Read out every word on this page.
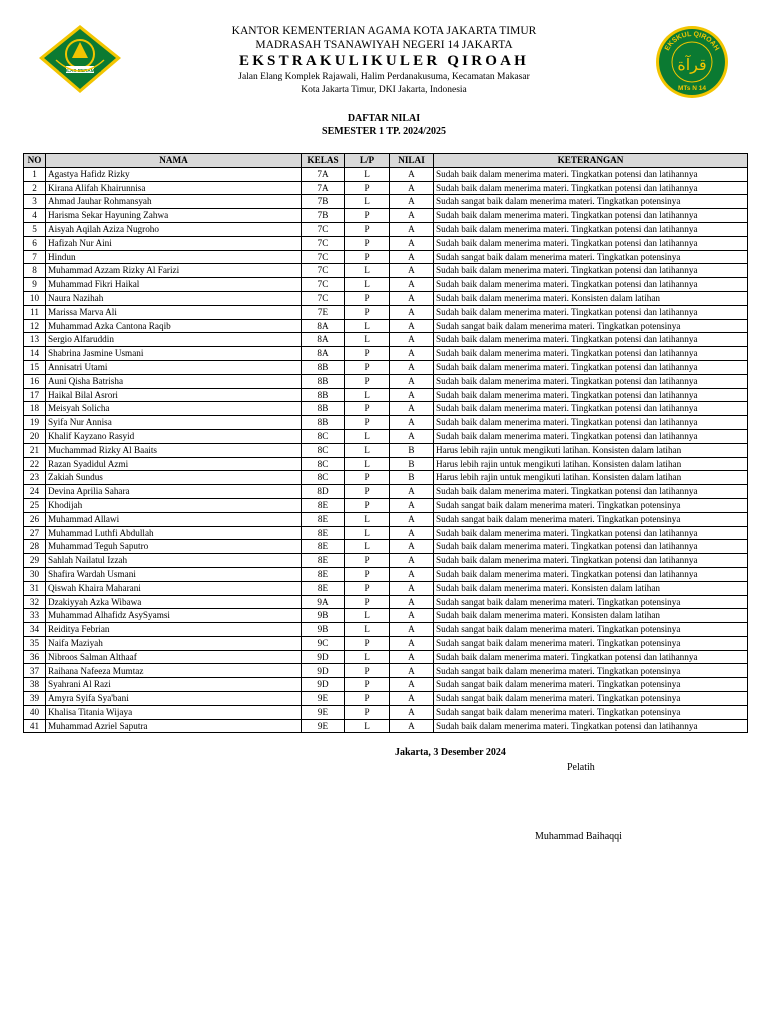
IKHLAS BERAMAL
EKSKUL QIROAH
قرآة
MTs N 14
KANTOR KEMENTERIAN AGAMA KOTA JAKARTA TIMUR
MADRASAH TSANAWIYAH NEGERI 14 JAKARTA
EKSTRAKULIKULER QIROAH
Jalan Elang Komplek Rajawali, Halim Perdanakusuma, Kecamatan Makasar
Kota Jakarta Timur, DKI Jakarta, Indonesia
DAFTAR NILAI
SEMESTER 1 TP. 2024/2025
NO	NAMA	KELAS	L/P	NILAI	KETERANGAN
1	Agastya Hafidz Rizky	7A	L	A	Sudah baik dalam menerima materi. Tingkatkan potensi dan latihannya
2	Kirana Alifah Khairunnisa	7A	P	A	Sudah baik dalam menerima materi. Tingkatkan potensi dan latihannya
3	Ahmad Jauhar Rohmansyah	7B	L	A	Sudah sangat baik dalam menerima materi. Tingkatkan potensinya
4	Harisma Sekar Hayuning Zahwa	7B	P	A	Sudah baik dalam menerima materi. Tingkatkan potensi dan latihannya
5	Aisyah Aqilah Aziza Nugroho	7C	P	A	Sudah baik dalam menerima materi. Tingkatkan potensi dan latihannya
6	Hafizah Nur Aini	7C	P	A	Sudah baik dalam menerima materi. Tingkatkan potensi dan latihannya
7	Hindun	7C	P	A	Sudah sangat baik dalam menerima materi. Tingkatkan potensinya
8	Muhammad Azzam Rizky Al Farizi	7C	L	A	Sudah baik dalam menerima materi. Tingkatkan potensi dan latihannya
9	Muhammad Fikri Haikal	7C	L	A	Sudah baik dalam menerima materi. Tingkatkan potensi dan latihannya
10	Naura Nazihah	7C	P	A	Sudah baik dalam menerima materi. Konsisten dalam latihan
11	Marissa Marva Ali	7E	P	A	Sudah baik dalam menerima materi. Tingkatkan potensi dan latihannya
12	Muhammad Azka Cantona Raqib	8A	L	A	Sudah sangat baik dalam menerima materi. Tingkatkan potensinya
13	Sergio Alfaruddin	8A	L	A	Sudah baik dalam menerima materi. Tingkatkan potensi dan latihannya
14	Shabrina Jasmine Usmani	8A	P	A	Sudah baik dalam menerima materi. Tingkatkan potensi dan latihannya
15	Annisatri Utami	8B	P	A	Sudah baik dalam menerima materi. Tingkatkan potensi dan latihannya
16	Auni Qisha Batrisha	8B	P	A	Sudah baik dalam menerima materi. Tingkatkan potensi dan latihannya
17	Haikal Bilal Asrori	8B	L	A	Sudah baik dalam menerima materi. Tingkatkan potensi dan latihannya
18	Meisyah Solicha	8B	P	A	Sudah baik dalam menerima materi. Tingkatkan potensi dan latihannya
19	Syifa Nur Annisa	8B	P	A	Sudah baik dalam menerima materi. Tingkatkan potensi dan latihannya
20	Khalif Kayzano Rasyid	8C	L	A	Sudah baik dalam menerima materi. Tingkatkan potensi dan latihannya
21	Muchammad Rizky Al Baaits	8C	L	B	Harus lebih rajin untuk mengikuti latihan. Konsisten dalam latihan
22	Razan Syadidul Azmi	8C	L	B	Harus lebih rajin untuk mengikuti latihan. Konsisten dalam latihan
23	Zakiah Sundus	8C	P	B	Harus lebih rajin untuk mengikuti latihan. Konsisten dalam latihan
24	Devina Aprilia Sahara	8D	P	A	Sudah baik dalam menerima materi. Tingkatkan potensi dan latihannya
25	Khodijah	8E	P	A	Sudah sangat baik dalam menerima materi. Tingkatkan potensinya
26	Muhammad Allawi	8E	L	A	Sudah sangat baik dalam menerima materi. Tingkatkan potensinya
27	Muhammad Luthfi Abdullah	8E	L	A	Sudah baik dalam menerima materi. Tingkatkan potensi dan latihannya
28	Muhammad Teguh Saputro	8E	L	A	Sudah baik dalam menerima materi. Tingkatkan potensi dan latihannya
29	Sahlah Nailatul Izzah	8E	P	A	Sudah baik dalam menerima materi. Tingkatkan potensi dan latihannya
30	Shafira Wardah Usmani	8E	P	A	Sudah baik dalam menerima materi. Tingkatkan potensi dan latihannya
31	Qiswah Khaira Maharani	8E	P	A	Sudah baik dalam menerima materi. Konsisten dalam latihan
32	Dzakiyyah Azka Wibawa	9A	P	A	Sudah sangat baik dalam menerima materi. Tingkatkan potensinya
33	Muhammad Alhafidz AsySyamsi	9B	L	A	Sudah baik dalam menerima materi. Konsisten dalam latihan
34	Reiditya Febrian	9B	L	A	Sudah sangat baik dalam menerima materi. Tingkatkan potensinya
35	Naifa Maziyah	9C	P	A	Sudah sangat baik dalam menerima materi. Tingkatkan potensinya
36	Nibroos Salman Althaaf	9D	L	A	Sudah baik dalam menerima materi. Tingkatkan potensi dan latihannya
37	Raihana Nafeeza Mumtaz	9D	P	A	Sudah sangat baik dalam menerima materi. Tingkatkan potensinya
38	Syahrani Al Razi	9D	P	A	Sudah sangat baik dalam menerima materi. Tingkatkan potensinya
39	Amyra Syifa Sya'bani	9E	P	A	Sudah sangat baik dalam menerima materi. Tingkatkan potensinya
40	Khalisa Titania Wijaya	9E	P	A	Sudah sangat baik dalam menerima materi. Tingkatkan potensinya
41	Muhammad Azriel Saputra	9E	L	A	Sudah baik dalam menerima materi. Tingkatkan potensi dan latihannya
Jakarta, 3 Desember 2024
Pelatih
Muhammad Baihaqqi
